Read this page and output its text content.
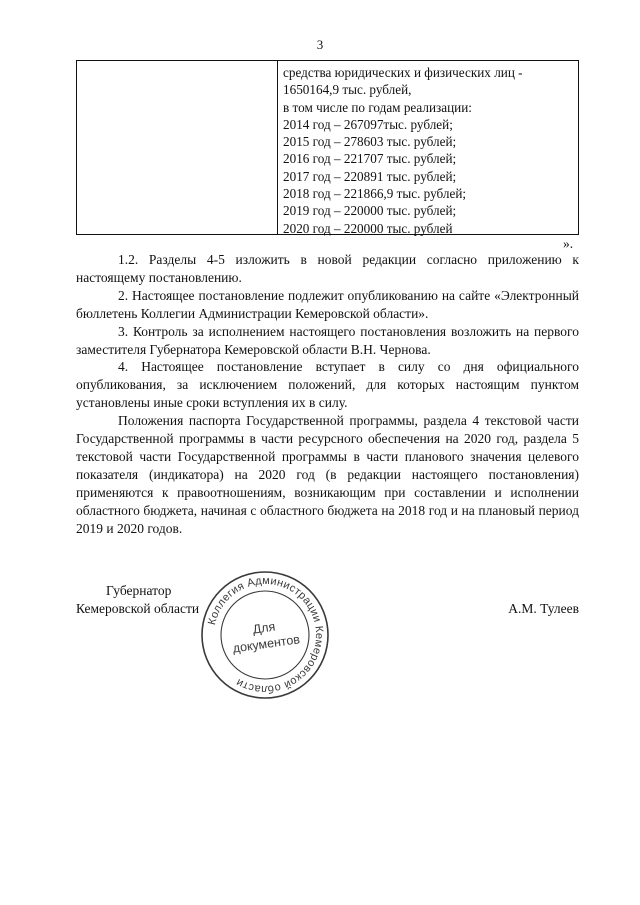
3
средства юридических и физических лиц -
1650164,9 тыс. рублей,
в том числе по годам реализации:
2014 год – 267097тыс. рублей;
2015 год – 278603 тыс. рублей;
2016 год – 221707 тыс. рублей;
2017 год – 220891 тыс. рублей;
2018 год – 221866,9 тыс. рублей;
2019 год – 220000 тыс. рублей;
2020 год – 220000 тыс. рублей
».

1.2. Разделы 4-5 изложить в новой редакции согласно приложению к настоящему постановлению.

2. Настоящее постановление подлежит опубликованию на сайте «Электронный бюллетень Коллегии Администрации Кемеровской области».

3. Контроль за исполнением настоящего постановления возложить на первого заместителя Губернатора Кемеровской области В.Н. Чернова.

4. Настоящее постановление вступает в силу со дня официального опубликования, за исключением положений, для которых настоящим пунктом установлены иные сроки вступления их в силу.

Положения паспорта Государственной программы, раздела 4 текстовой части Государственной программы в части ресурсного обеспечения на 2020 год, раздела 5 текстовой части Государственной программы в части планового значения целевого показателя (индикатора) на 2020 год (в редакции настоящего постановления) применяются к правоотношениям, возникающим при составлении и исполнении областного бюджета, начиная с областного бюджета на 2018 год и на плановый период 2019 и 2020 годов.

Губернатор
Кемеровской области	А.М. Тулеев
Коллегия Администрации Кемеровской области
Для
документов
